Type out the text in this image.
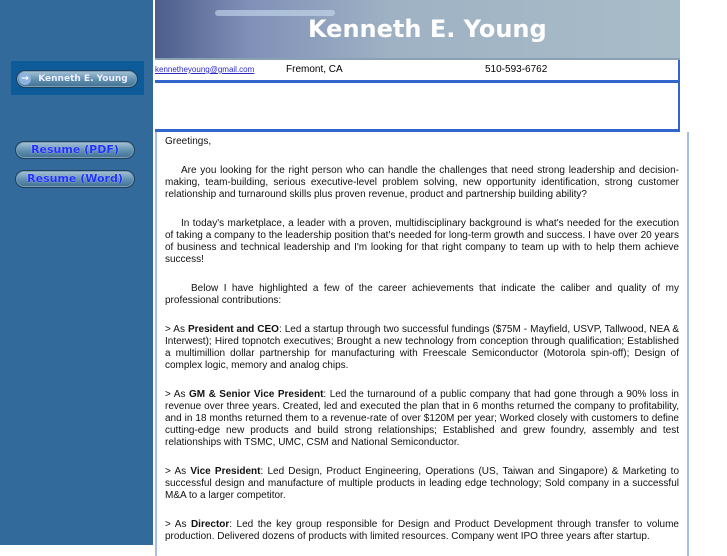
→ Kenneth E. Young
Resume (PDF)
Resume (Word)
Kenneth E. Young
Fremont, CA
kennetheyoung@gmail.com	510-593-6762

Greetings,

Are you looking for the right person who can handle the challenges that need strong leadership and decision-making, team-building, serious executive-level problem solving, new opportunity identification, strong customer relationship and turnaround skills plus proven revenue, product and partnership building ability?

In today's marketplace, a leader with a proven, multidisciplinary background is what's needed for the execution of taking a company to the leadership position that's needed for long-term growth and success. I have over 20 years of business and technical leadership and I'm looking for that right company to team up with to help them achieve success!

Below I have highlighted a few of the career achievements that indicate the caliber and quality of my professional contributions:

> As President and CEO: Led a startup through two successful fundings ($75M - Mayfield, USVP, Tallwood, NEA & Interwest); Hired topnotch executives; Brought a new technology from conception through qualification; Established a multimillion dollar partnership for manufacturing with Freescale Semiconductor (Motorola spin-off); Design of complex logic, memory and analog chips.

> As GM & Senior Vice President: Led the turnaround of a public company that had gone through a 90% loss in revenue over three years. Created, led and executed the plan that in 6 months returned the company to profitability, and in 18 months returned them to a revenue-rate of over $120M per year; Worked closely with customers to define cutting-edge new products and build strong relationships; Established and grew foundry, assembly and test relationships with TSMC, UMC, CSM and National Semiconductor.

> As Vice President: Led Design, Product Engineering, Operations (US, Taiwan and Singapore) & Marketing to successful design and manufacture of multiple products in leading edge technology; Sold company in a successful M&A to a larger competitor.

> As Director: Led the key group responsible for Design and Product Development through transfer to volume production. Delivered dozens of products with limited resources. Company went IPO three years after startup.
